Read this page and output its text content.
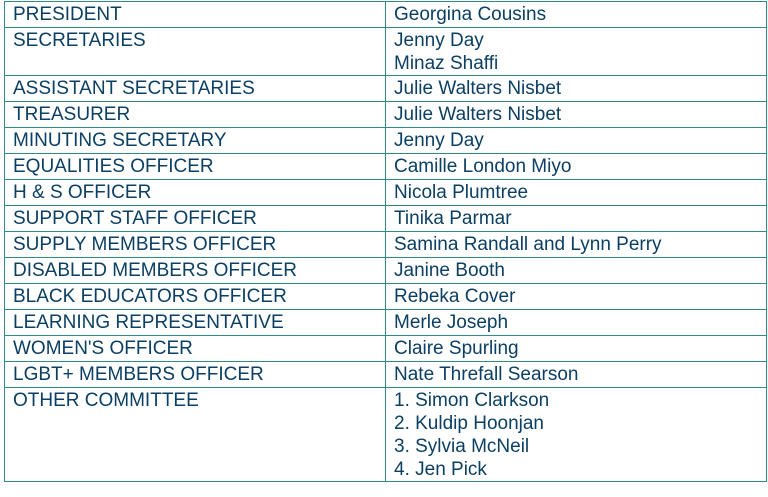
PRESIDENT	Georgina Cousins

SECRETARIES	Jenny Day
Minaz Shaffi

ASSISTANT SECRETARIES	Julie Walters Nisbet

TREASURER	Julie Walters Nisbet

MINUTING SECRETARY	Jenny Day

EQUALITIES OFFICER	Camille London Miyo

H & S OFFICER	Nicola Plumtree

SUPPORT STAFF OFFICER	Tinika Parmar

SUPPLY MEMBERS OFFICER	Samina Randall and Lynn Perry

DISABLED MEMBERS OFFICER	Janine Booth

BLACK EDUCATORS OFFICER	Rebeka Cover

LEARNING REPRESENTATIVE	Merle Joseph

WOMEN'S OFFICER	Claire Spurling

LGBT+ MEMBERS OFFICER	Nate Threfall Searson

OTHER COMMITTEE	1. Simon Clarkson
2. Kuldip Hoonjan
3. Sylvia McNeil
4. Jen Pick
